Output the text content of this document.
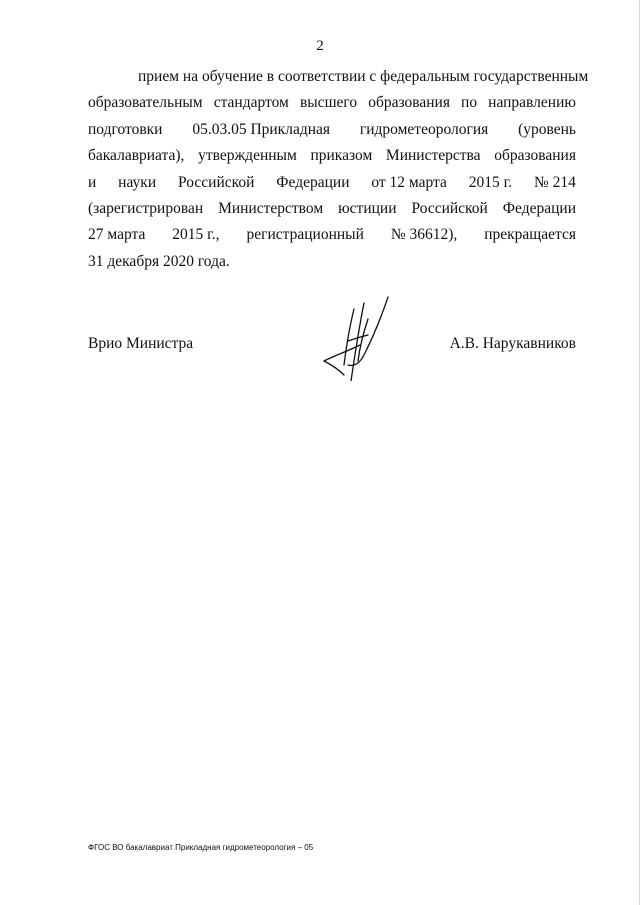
2
прием на обучение в соответствии с федеральным государственным
образовательным стандартом высшего образования по направлению
подготовки 05.03.05 Прикладная гидрометеорология (уровень
бакалавриата), утвержденным приказом Министерства образования
и науки Российской Федерации от 12 марта 2015 г. № 214
(зарегистрирован Министерством юстиции Российской Федерации
27 марта 2015 г., регистрационный № 36612), прекращается
31 декабря 2020 года.
Врио Министра	А.В. Нарукавников
ФГОС ВО бакалавриат Прикладная гидрометеорология – 05
